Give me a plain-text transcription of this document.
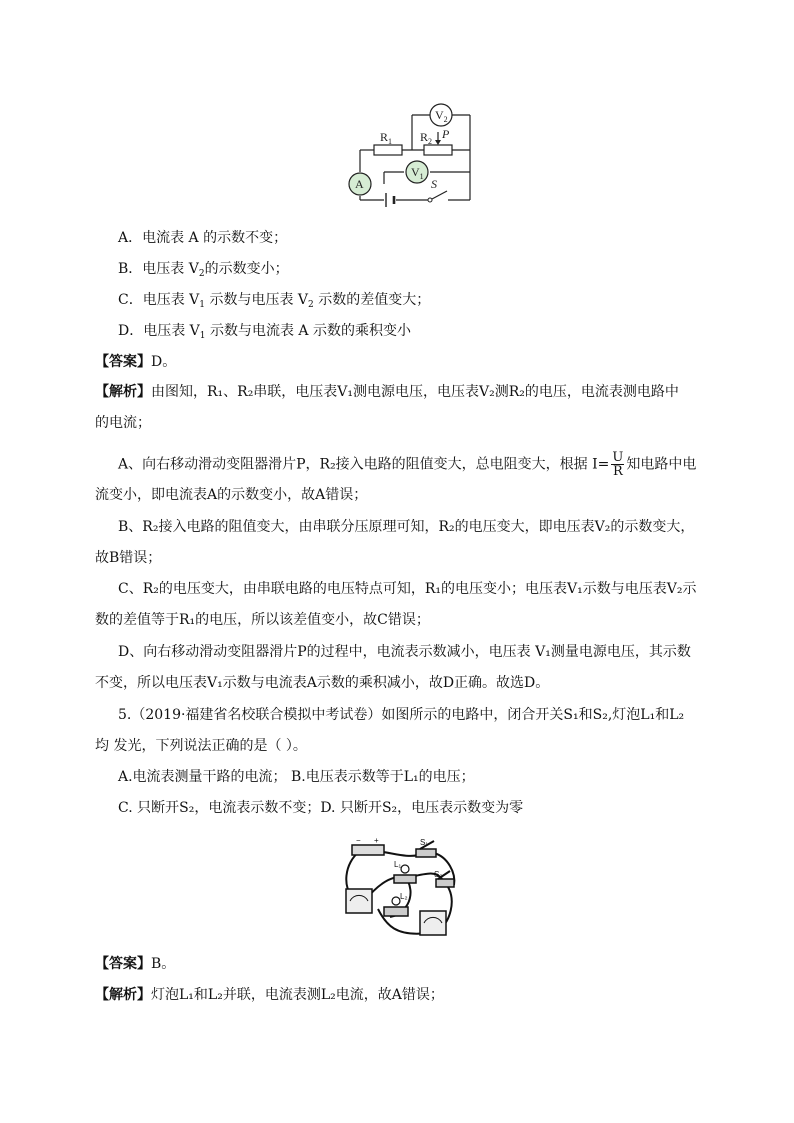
$R_1$ $R_2$
P
$V_2$
$V_1$
A	S
A．电流表 A 的示数不变；
B．电压表 $V_2$的示数变小；
C．电压表 $V_1$ 示数与电压表 $V_2$ 示数的差值变大；
D．电压表 $V_1$ 示数与电流表 A 示数的乘积变小
【答案】D。
【解析】由图知，R₁、R₂串联，电压表V₁测电源电压，电压表V₂测R₂的电压，电流表测电路中
的电流；
A、向右移动滑动变阻器滑片P，R₂接入电路的阻值变大，总电阻变大，根据 $I= \frac{U}{R}$ 知电路中电
流变小，即电流表A的示数变小，故A错误；
B、R₂接入电路的阻值变大，由串联分压原理可知，R₂的电压变大，即电压表V₂的示数变大，
故B错误；
C、R₂的电压变大，由串联电路的电压特点可知，R₁的电压变小；电压表V₁示数与电压表V₂示
数的差值等于R₁的电压，所以该差值变小，故C错误；
D、向右移动滑动变阻器滑片P的过程中，电流表示数减小，电压表 V₁测量电源电压，其示数
不变，所以电压表V₁示数与电流表A示数的乘积减小，故D正确。故选D。
5.（2019·福建省名校联合模拟中考试卷）如图所示的电路中，闭合开关S₁和S₂,灯泡L₁和L₂
均 发光，下列说法正确的是（ ）。
A.电流表测量干路的电流； B.电压表示数等于L₁的电压；
C. 只断开S₂，电流表示数不变；D. 只断开S₂，电压表示数变为零
− +	S₁
L₁
S₂
L₂
【答案】B。
【解析】灯泡L₁和L₂并联，电流表测L₂电流，故A错误；
